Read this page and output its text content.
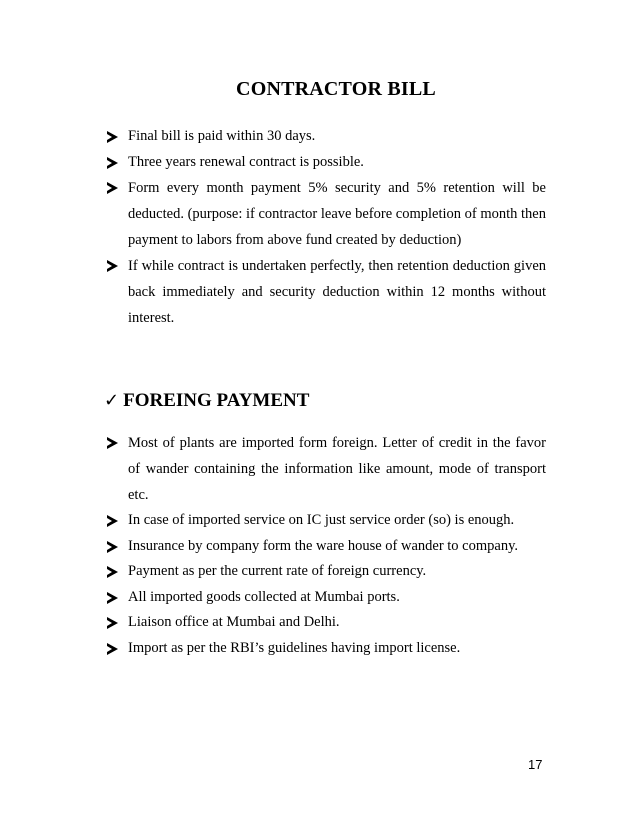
CONTRACTOR BILL
Final bill is paid within 30 days.
Three years renewal contract is possible.
Form every month payment 5% security and 5% retention will be deducted. (purpose: if contractor leave before completion of month then payment to labors from above fund created by deduction)
If while contract is undertaken perfectly, then retention deduction given back immediately and security deduction within 12 months without interest.
✓ FOREING PAYMENT
Most of plants are imported form foreign. Letter of credit in the favor of wander containing the information like amount, mode of transport etc.
In case of imported service on IC just service order (so) is enough.
Insurance by company form the ware house of wander to company.
Payment as per the current rate of foreign currency.
All imported goods collected at Mumbai ports.
Liaison office at Mumbai and Delhi.
Import as per the RBI’s guidelines having import license.
17
